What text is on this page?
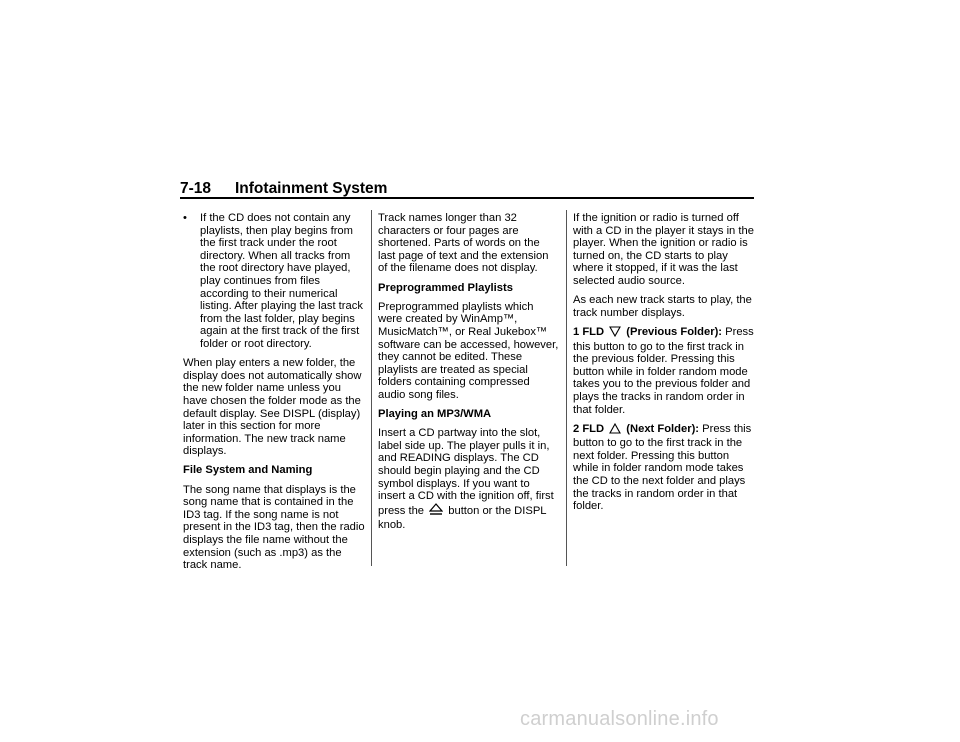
7-18 Infotainment System
• If the CD does not contain any playlists, then play begins from the first track under the root directory. When all tracks from the root directory have played, play continues from files according to their numerical listing. After playing the last track from the last folder, play begins again at the first track of the first folder or root directory.

When play enters a new folder, the display does not automatically show the new folder name unless you have chosen the folder mode as the default display. See DISPL (display) later in this section for more information. The new track name displays.

File System and Naming

The song name that displays is the song name that is contained in the ID3 tag. If the song name is not present in the ID3 tag, then the radio displays the file name without the extension (such as .mp3) as the track name.

Track names longer than 32 characters or four pages are shortened. Parts of words on the last page of text and the extension of the filename does not display.

Preprogrammed Playlists

Preprogrammed playlists which were created by WinAmp™, MusicMatch™, or Real Jukebox™ software can be accessed, however, they cannot be edited. These playlists are treated as special folders containing compressed audio song files.

Playing an MP3/WMA

Insert a CD partway into the slot, label side up. The player pulls it in, and READING displays. The CD should begin playing and the CD symbol displays. If you want to insert a CD with the ignition off, first press the button or the DISPL knob.

If the ignition or radio is turned off with a CD in the player it stays in the player. When the ignition or radio is turned on, the CD starts to play where it stopped, if it was the last selected audio source.

As each new track starts to play, the track number displays.

1 FLD (Previous Folder): Press this button to go to the first track in the previous folder. Pressing this button while in folder random mode takes you to the previous folder and plays the tracks in random order in that folder.

2 FLD (Next Folder): Press this button to go to the first track in the next folder. Pressing this button while in folder random mode takes the CD to the next folder and plays the tracks in random order in that folder.

carmanualsonline.info
